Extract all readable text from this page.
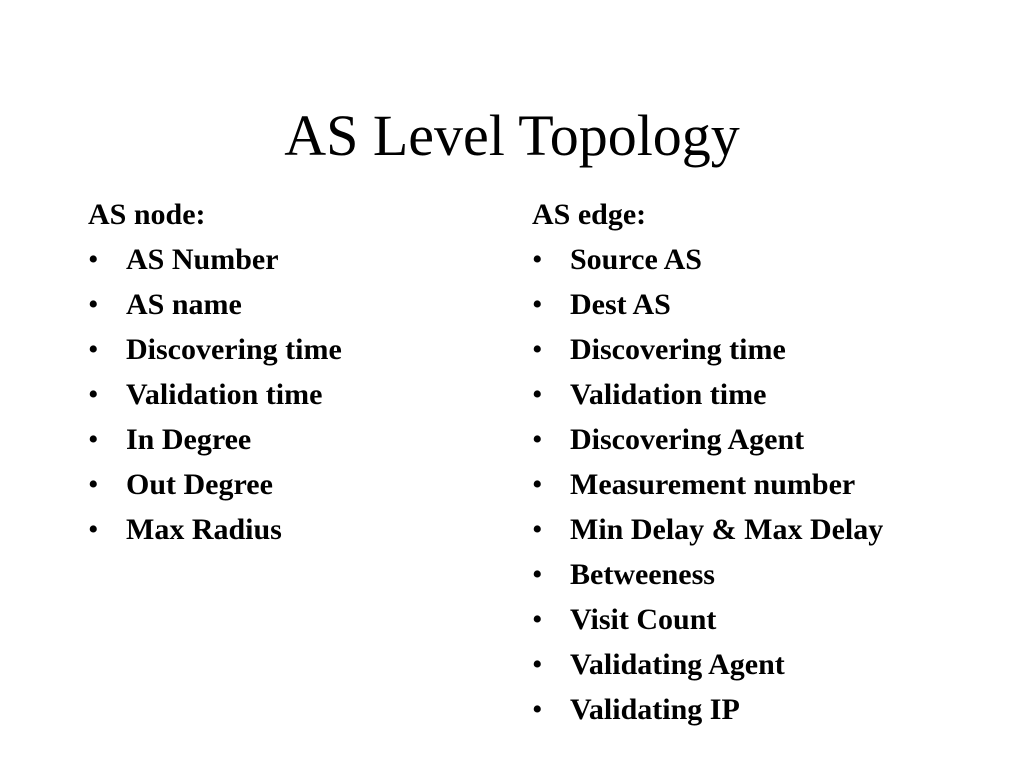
AS Level Topology
AS node:
• AS Number
• AS name
• Discovering time
• Validation time
• In Degree
• Out Degree
• Max Radius
AS edge:
• Source AS
• Dest AS
• Discovering time
• Validation time
• Discovering Agent
• Measurement number
• Min Delay & Max Delay
• Betweeness
• Visit Count
• Validating Agent
• Validating IP
